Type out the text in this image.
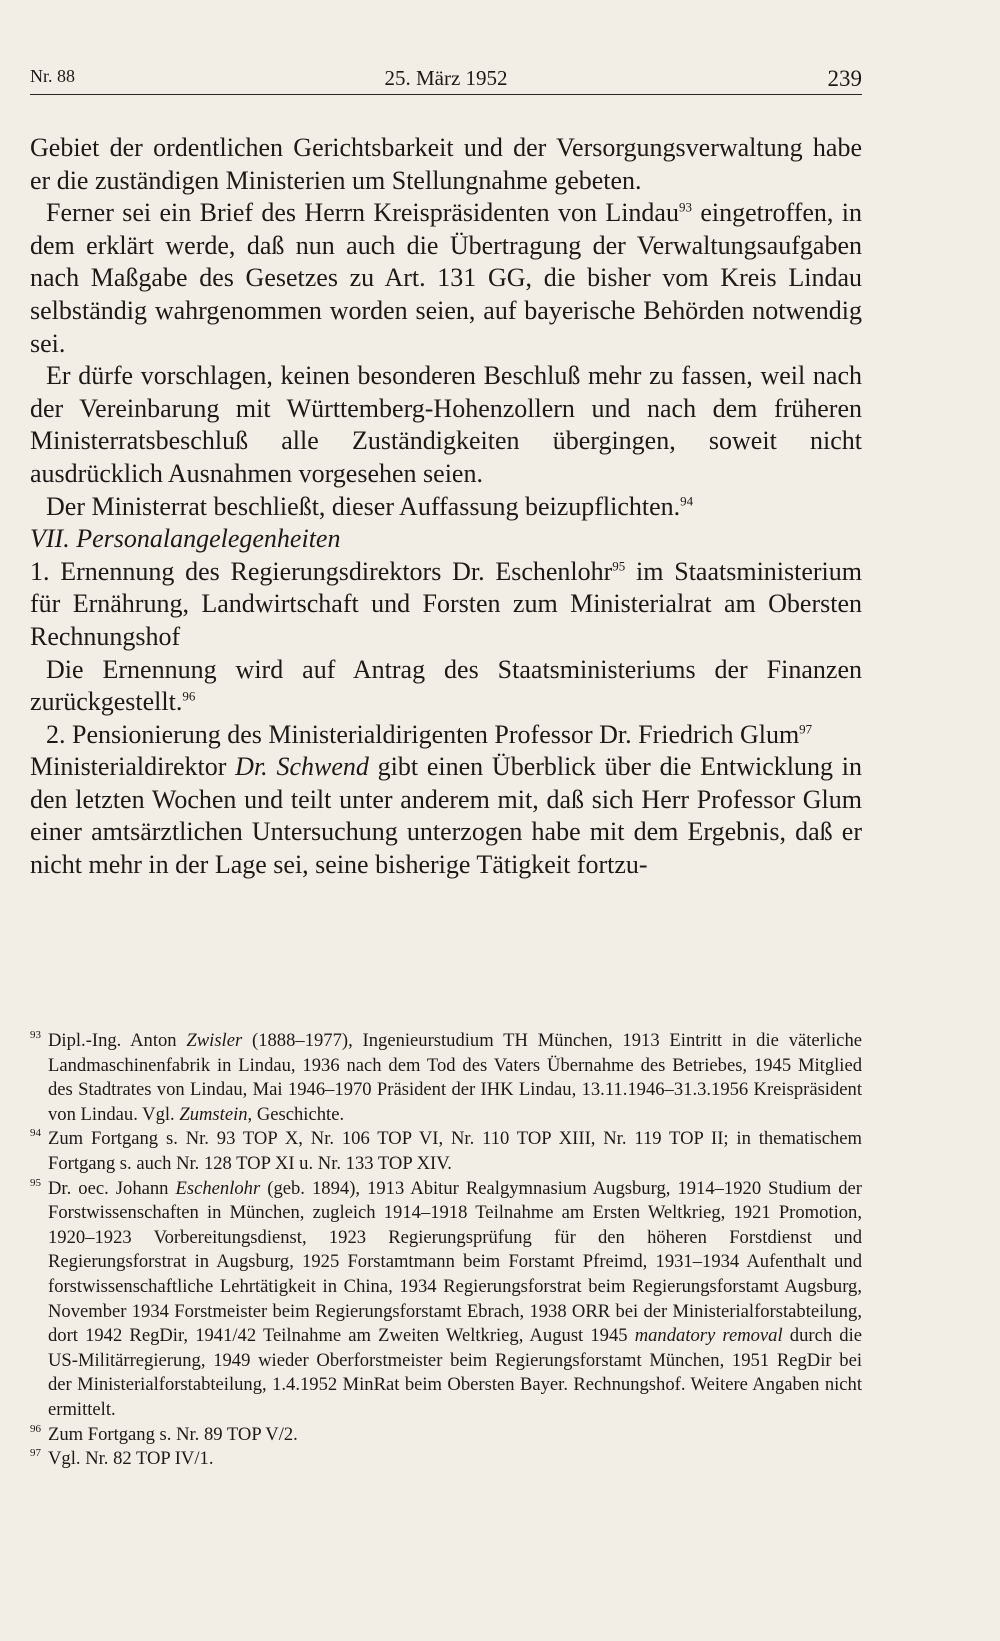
Nr. 88	25. März 1952	239

Gebiet der ordentlichen Gerichtsbarkeit und der Versorgungsverwaltung habe er die zuständigen Ministerien um Stellungnahme gebeten.

Ferner sei ein Brief des Herrn Kreispräsidenten von Lindau$^{93}$ eingetroffen, in dem erklärt werde, daß nun auch die Übertragung der Verwaltungsaufgaben nach Maßgabe des Gesetzes zu Art. 131 GG, die bisher vom Kreis Lindau selbständig wahrgenommen worden seien, auf bayerische Behörden notwendig sei.

Er dürfe vorschlagen, keinen besonderen Beschluß mehr zu fassen, weil nach der Vereinbarung mit Württemberg-Hohenzollern und nach dem früheren Ministerratsbeschluß alle Zuständigkeiten übergingen, soweit nicht ausdrücklich Ausnahmen vorgesehen seien.

Der Ministerrat beschließt, dieser Auffassung beizupflichten.$^{94}$

VII. Personalangelegenheiten

1. Ernennung des Regierungsdirektors Dr. Eschenlohr$^{95}$ im Staatsministerium für Ernährung, Landwirtschaft und Forsten zum Ministerialrat am Obersten Rechnungshof

Die Ernennung wird auf Antrag des Staatsministeriums der Finanzen zurückgestellt.$^{96}$

2. Pensionierung des Ministerialdirigenten Professor Dr. Friedrich Glum$^{97}$

Ministerialdirektor Dr. Schwend gibt einen Überblick über die Entwicklung in den letzten Wochen und teilt unter anderem mit, daß sich Herr Professor Glum einer amtsärztlichen Untersuchung unterzogen habe mit dem Ergebnis, daß er nicht mehr in der Lage sei, seine bisherige Tätigkeit fortzu-

93 Dipl.-Ing. Anton Zwisler (1888–1977), Ingenieurstudium TH München, 1913 Eintritt in die väterliche Landmaschinenfabrik in Lindau, 1936 nach dem Tod des Vaters Übernahme des Betriebes, 1945 Mitglied des Stadtrates von Lindau, Mai 1946–1970 Präsident der IHK Lindau, 13.11.1946–31.3.1956 Kreispräsident von Lindau. Vgl. Zumstein, Geschichte.
94 Zum Fortgang s. Nr. 93 TOP X, Nr. 106 TOP VI, Nr. 110 TOP XIII, Nr. 119 TOP II; in thematischem Fortgang s. auch Nr. 128 TOP XI u. Nr. 133 TOP XIV.
95 Dr. oec. Johann Eschenlohr (geb. 1894), 1913 Abitur Realgymnasium Augsburg, 1914–1920 Studium der Forstwissenschaften in München, zugleich 1914–1918 Teilnahme am Ersten Weltkrieg, 1921 Promotion, 1920–1923 Vorbereitungsdienst, 1923 Regierungsprüfung für den höheren Forstdienst und Regierungsforstrat in Augsburg, 1925 Forstamtmann beim Forstamt Pfreimd, 1931–1934 Aufenthalt und forstwissenschaftliche Lehrtätigkeit in China, 1934 Regierungsforstrat beim Regierungsforstamt Augsburg, November 1934 Forstmeister beim Regierungsforstamt Ebrach, 1938 ORR bei der Ministerialforstabteilung, dort 1942 RegDir, 1941/42 Teilnahme am Zweiten Weltkrieg, August 1945 mandatory removal durch die US-Militärregierung, 1949 wieder Oberforstmeister beim Regierungsforstamt München, 1951 RegDir bei der Ministerialforstabteilung, 1.4.1952 MinRat beim Obersten Bayer. Rechnungshof. Weitere Angaben nicht ermittelt.
96 Zum Fortgang s. Nr. 89 TOP V/2.
97 Vgl. Nr. 82 TOP IV/1.
